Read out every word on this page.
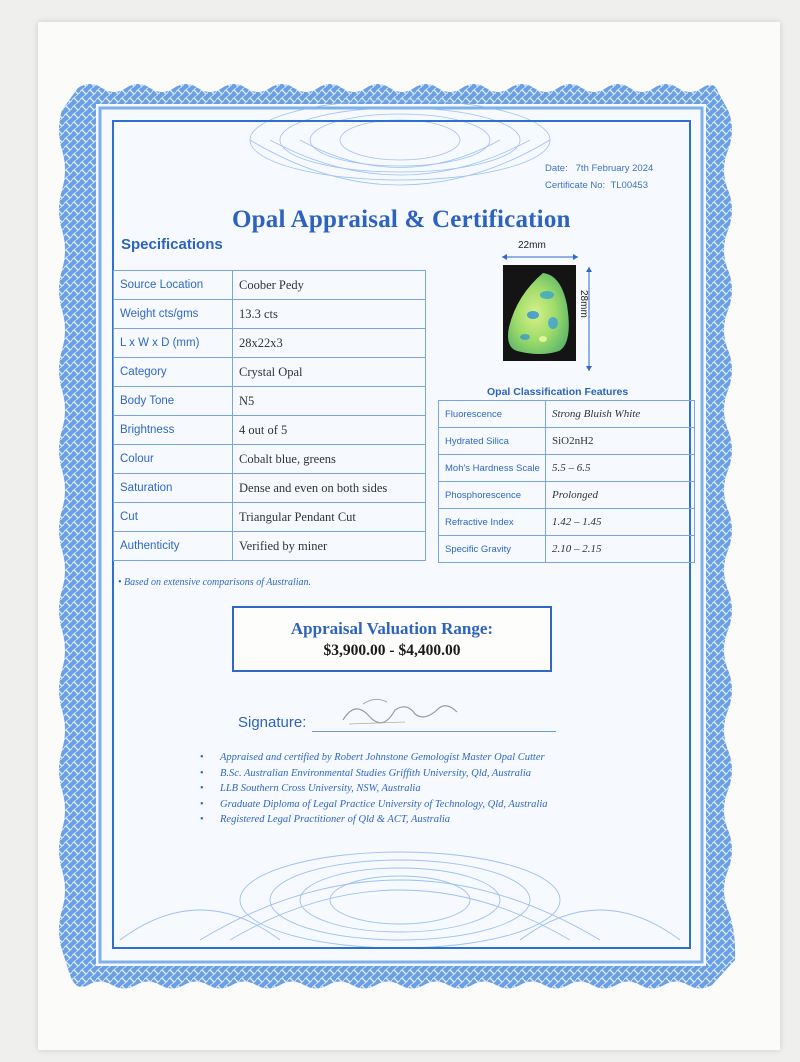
Date: 7th February 2024
Certificate No: TL00453
Opal Appraisal & Certification
Specifications
Source Location	Coober Pedy
Weight cts/gms	13.3 cts
L x W x D (mm)	28x22x3
Category	Crystal Opal
Body Tone	N5
Brightness	4 out of 5
Colour	Cobalt blue, greens
Saturation	Dense and even on both sides
Cut	Triangular Pendant Cut
Authenticity	Verified by miner
22mm
28mm
Opal Classification Features
Fluorescence	Strong Bluish White
Hydrated Silica	SiO2nH2
Moh's Hardness Scale	5.5 – 6.5
Phosphorescence	Prolonged
Refractive Index	1.42 – 1.45
Specific Gravity	2.10 – 2.15
• Based on extensive comparisons of Australian.
Appraisal Valuation Range:
$3,900.00 - $4,400.00
Signature:
• Appraised and certified by Robert Johnstone Gemologist Master Opal Cutter
• B.Sc. Australian Environmental Studies Griffith University, Qld, Australia
• LLB Southern Cross University, NSW, Australia
• Graduate Diploma of Legal Practice University of Technology, Qld, Australia
• Registered Legal Practitioner of Qld & ACT, Australia
